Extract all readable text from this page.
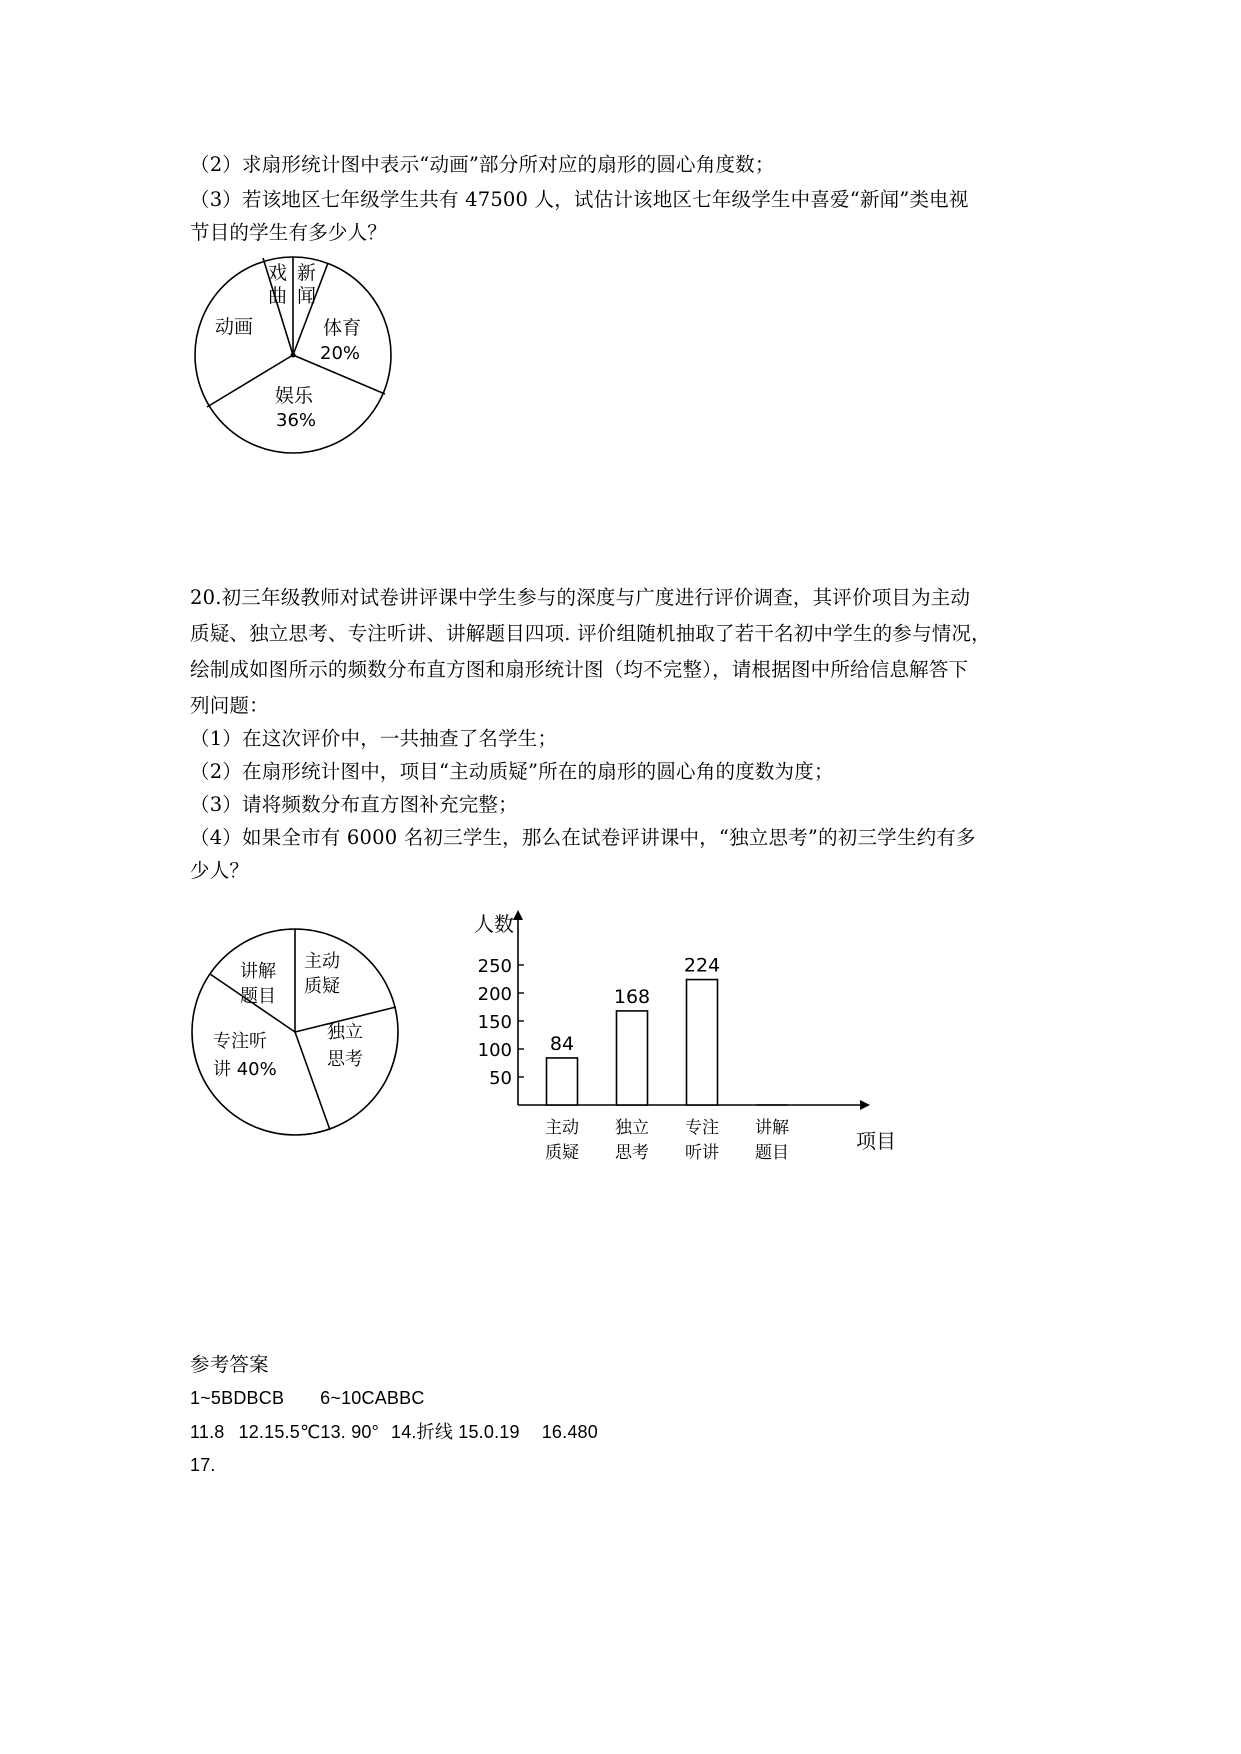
（2）求扇形统计图中表示“动画”部分所对应的扇形的圆心角度数；
（3）若该地区七年级学生共有 47500 人，试估计该地区七年级学生中喜爱“新闻”类电视
节目的学生有多少人？
戏
曲
新
闻
动画	体育
20%
娱乐
36%
20.初三年级教师对试卷讲评课中学生参与的深度与广度进行评价调查，其评价项目为主动
质疑、独立思考、专注听讲、讲解题目四项. 评价组随机抽取了若干名初中学生的参与情况，
绘制成如图所示的频数分布直方图和扇形统计图（均不完整），请根据图中所给信息解答下
列问题：
（1）在这次评价中，一共抽查了名学生；
（2）在扇形统计图中，项目“主动质疑”所在的扇形的圆心角的度数为度；
（3）请将频数分布直方图补充完整；
（4）如果全市有 6000 名初三学生，那么在试卷评讲课中，“独立思考”的初三学生约有多
少人？
讲解
题目
主动
质疑
独立
思考
专注听
讲 40%	50
100
150
200
250
人数
项目
84
主动
质疑
168
独立
思考
224
专注
听讲
讲解
题目
参考答案
1~5BDBCB 6~10CABBC
11.8 12.15.5℃13. 90° 14.折线 15.0.19 16.480
17.
